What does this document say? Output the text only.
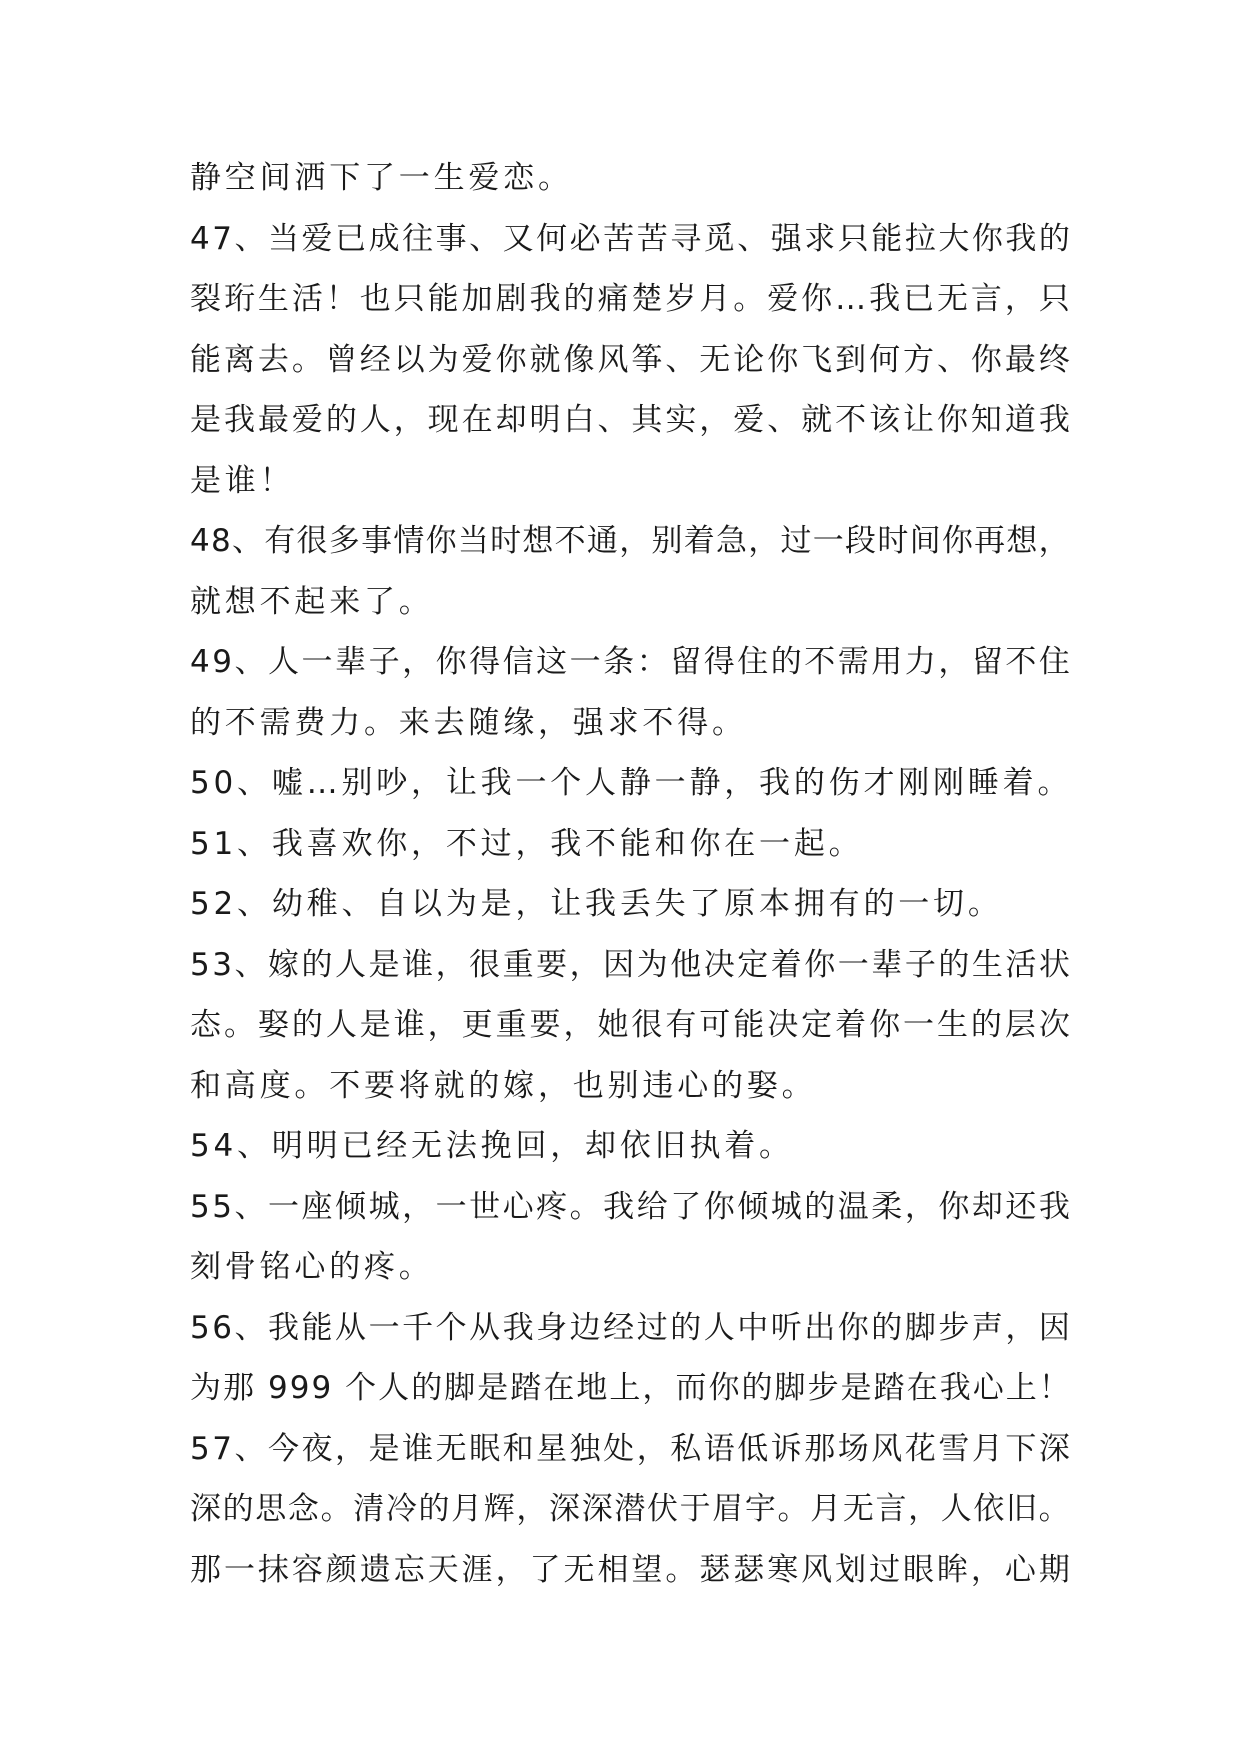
静空间洒下了一生爱恋。
4 7 、 当 爱 已 成 往 事 、 又 何 必 苦 苦 寻 觅 、 强 求 只 能 拉 大 你 我 的
裂 珩 生 活 ！ 也 只 能 加 剧 我 的 痛 楚 岁 月 。 爱 你 … 我 已 无 言 ， 只
能 离 去 。 曾 经 以 为 爱 你 就 像 风 筝 、 无 论 你 飞 到 何 方 、 你 最 终
是 我 最 爱 的 人 ， 现 在 却 明 白 、 其 实 ， 爱 、 就 不 该 让 你 知 道 我
是谁！
4 8 、 有 很 多 事 情 你 当 时 想 不 通 ， 别 着 急 ， 过 一 段 时 间 你 再 想 ，
就想不起来了。
4 9 、 人 一 辈 子 ， 你 得 信 这 一 条 ： 留 得 住 的 不 需 用 力 ， 留 不 住
的不需费力。来去随缘，强求不得。
50、嘘…别吵，让我一个人静一静，我的伤才刚刚睡着。
51、我喜欢你，不过，我不能和你在一起。
52、幼稚、自以为是，让我丢失了原本拥有的一切。
5 3 、 嫁 的 人 是 谁 ， 很 重 要 ， 因 为 他 决 定 着 你 一 辈 子 的 生 活 状
态 。 娶 的 人 是 谁 ， 更 重 要 ， 她 很 有 可 能 决 定 着 你 一 生 的 层 次
和高度。不要将就的嫁，也别违心的娶。
54、明明已经无法挽回，却依旧执着。
5 5 、 一 座 倾 城 ， 一 世 心 疼 。 我 给 了 你 倾 城 的 温 柔 ， 你 却 还 我
刻骨铭心的疼。
5 6 、 我 能 从 一 千 个 从 我 身 边 经 过 的 人 中 听 出 你 的 脚 步 声 ， 因
为 那
9 9 9
个 人 的 脚 是 踏 在 地 上 ， 而 你 的 脚 步 是 踏 在 我 心 上 ！
5 7 、 今 夜 ， 是 谁 无 眠 和 星 独 处 ， 私 语 低 诉 那 场 风 花 雪 月 下 深
深 的 思 念 。 清 冷 的 月 辉 ， 深 深 潜 伏 于 眉 宇 。 月 无 言 ， 人 依 旧 。
那 一 抹 容 颜 遗 忘 天 涯 ， 了 无 相 望 。 瑟 瑟 寒 风 划 过 眼 眸 ， 心 期
